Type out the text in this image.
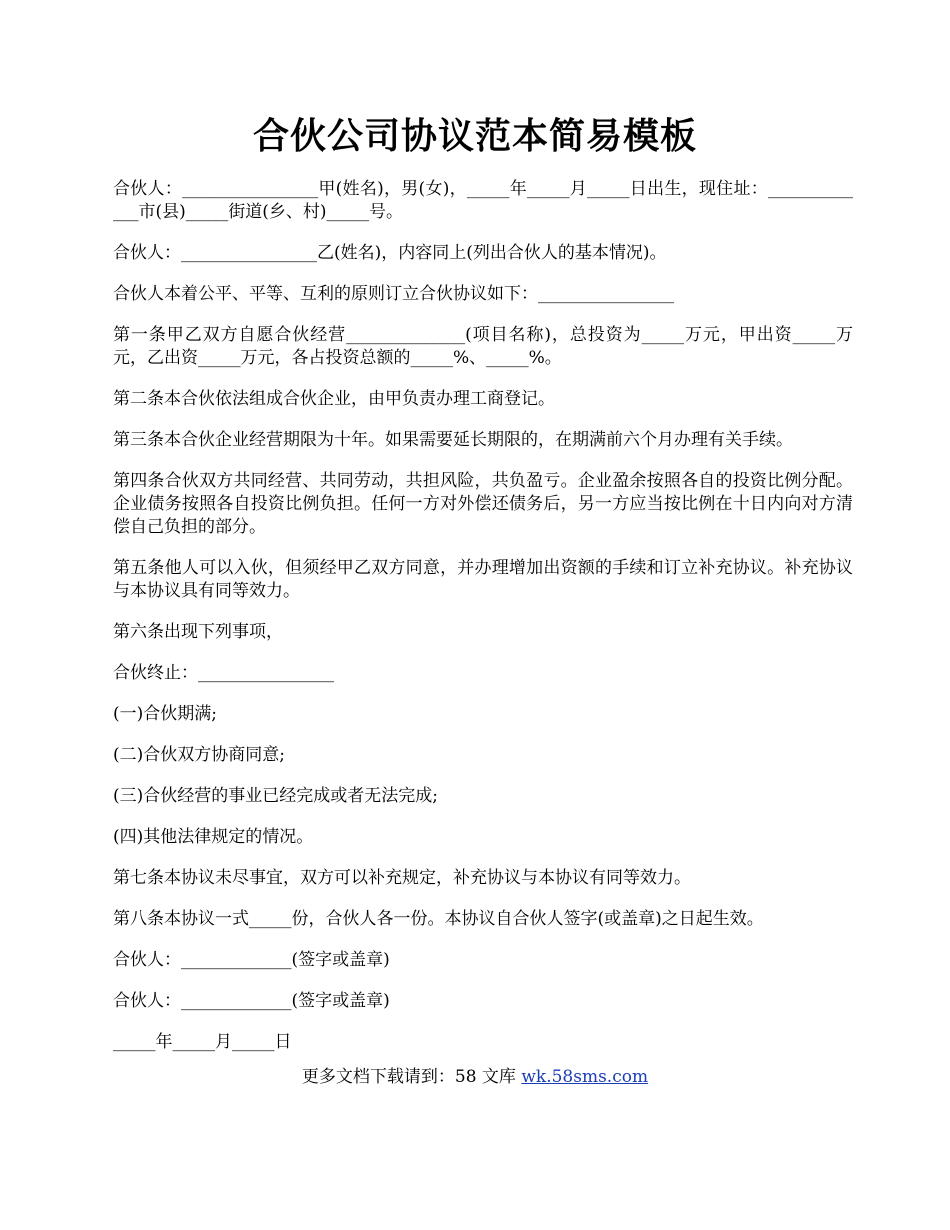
合伙公司协议范本简易模板

合伙人：________________甲(姓名)，男(女)，_____年_____月_____日出生，现住址：_____________市(县)_____街道(乡、村)_____号。

合伙人：________________乙(姓名)，内容同上(列出合伙人的基本情况)。

合伙人本着公平、平等、互利的原则订立合伙协议如下：________________

第一条甲乙双方自愿合伙经营______________(项目名称)，总投资为_____万元，甲出资_____万元，乙出资_____万元，各占投资总额的_____%、_____%。

第二条本合伙依法组成合伙企业，由甲负责办理工商登记。

第三条本合伙企业经营期限为十年。如果需要延长期限的，在期满前六个月办理有关手续。

第四条合伙双方共同经营、共同劳动，共担风险，共负盈亏。企业盈余按照各自的投资比例分配。企业债务按照各自投资比例负担。任何一方对外偿还债务后，另一方应当按比例在十日内向对方清偿自己负担的部分。

第五条他人可以入伙，但须经甲乙双方同意，并办理增加出资额的手续和订立补充协议。补充协议与本协议具有同等效力。

第六条出现下列事项，

合伙终止：________________

(一)合伙期满;

(二)合伙双方协商同意;

(三)合伙经营的事业已经完成或者无法完成;

(四)其他法律规定的情况。

第七条本协议未尽事宜，双方可以补充规定，补充协议与本协议有同等效力。

第八条本协议一式_____份，合伙人各一份。本协议自合伙人签字(或盖章)之日起生效。

合伙人：_____________(签字或盖章)

合伙人：_____________(签字或盖章)

_____年_____月_____日

更多文档下载请到：58 文库 wk.58sms.com
